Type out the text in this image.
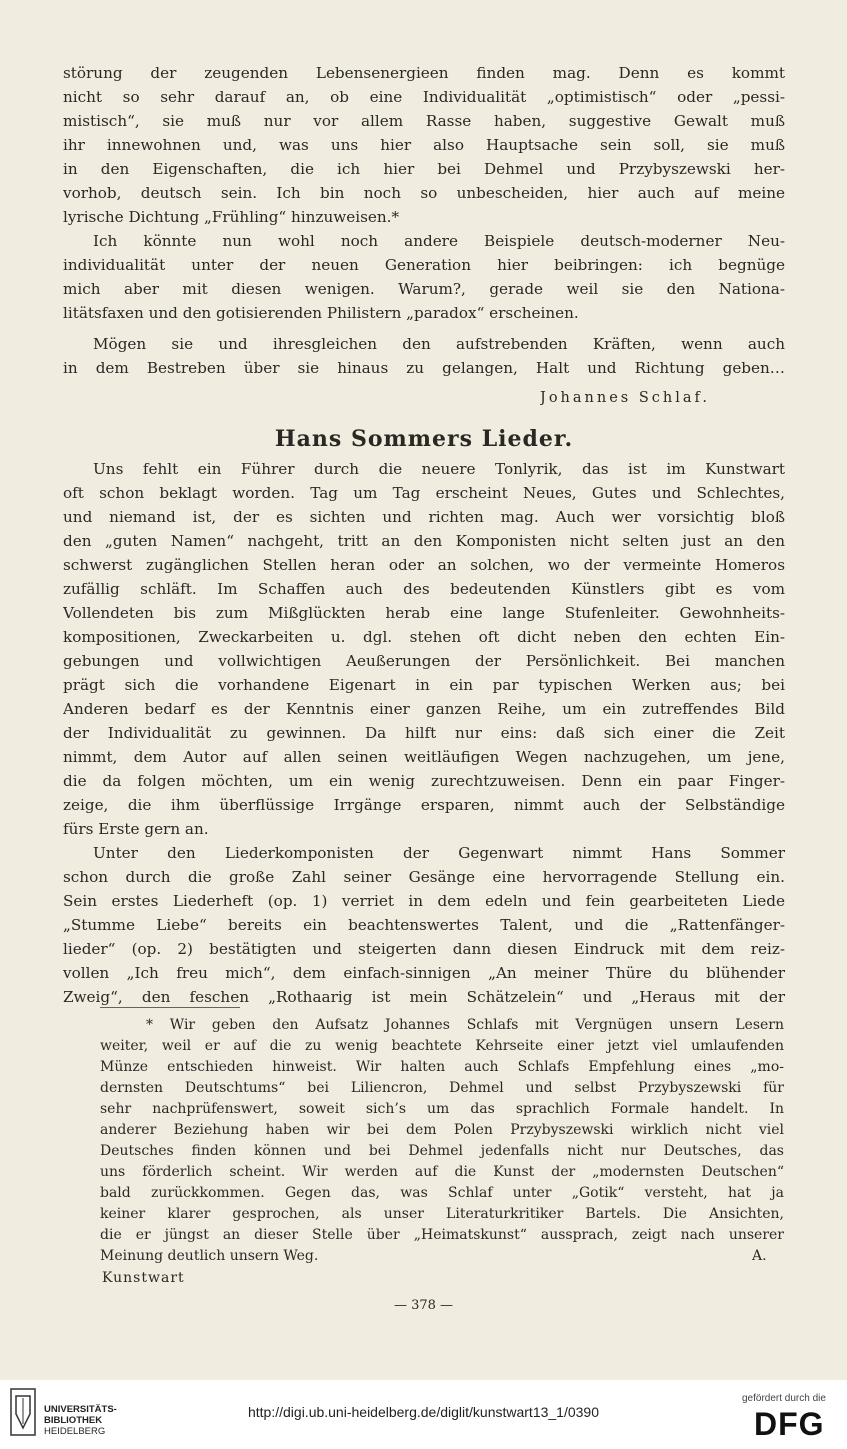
störung der zeugenden Lebensenergieen finden mag. Denn es kommt
nicht so sehr darauf an, ob eine Individualität „optimistisch“ oder „pessi-
mistisch“, sie muß nur vor allem Rasse haben, suggestive Gewalt muß
ihr innewohnen und, was uns hier also Hauptsache sein soll, sie muß
in den Eigenschaften, die ich hier bei Dehmel und Przybyszewski her-
vorhob, deutsch sein. Ich bin noch so unbescheiden, hier auch auf meine
lyrische Dichtung „Frühling“ hinzuweisen.*
Ich könnte nun wohl noch andere Beispiele deutsch-moderner Neu-
individualität unter der neuen Generation hier beibringen: ich begnüge
mich aber mit diesen wenigen. Warum?, gerade weil sie den Nationa-
litätsfaxen und den gotisierenden Philistern „paradox“ erscheinen.
Mögen sie und ihresgleichen den aufstrebenden Kräften, wenn auch
in dem Bestreben über sie hinaus zu gelangen, Halt und Richtung geben…
Johannes Schlaf.
Hans Sommers Lieder.
Uns fehlt ein Führer durch die neuere Tonlyrik, das ist im Kunstwart
oft schon beklagt worden. Tag um Tag erscheint Neues, Gutes und Schlechtes,
und niemand ist, der es sichten und richten mag. Auch wer vorsichtig bloß
den „guten Namen“ nachgeht, tritt an den Komponisten nicht selten just an den
schwerst zugänglichen Stellen heran oder an solchen, wo der vermeinte Homeros
zufällig schläft. Im Schaffen auch des bedeutenden Künstlers gibt es vom
Vollendeten bis zum Mißglückten herab eine lange Stufenleiter. Gewohnheits-
kompositionen, Zweckarbeiten u. dgl. stehen oft dicht neben den echten Ein-
gebungen und vollwichtigen Aeußerungen der Persönlichkeit. Bei manchen
prägt sich die vorhandene Eigenart in ein par typischen Werken aus; bei
Anderen bedarf es der Kenntnis einer ganzen Reihe, um ein zutreffendes Bild
der Individualität zu gewinnen. Da hilft nur eins: daß sich einer die Zeit
nimmt, dem Autor auf allen seinen weitläufigen Wegen nachzugehen, um jene,
die da folgen möchten, um ein wenig zurechtzuweisen. Denn ein paar Finger-
zeige, die ihm überflüssige Irrgänge ersparen, nimmt auch der Selbständige
fürs Erste gern an.
Unter den Liederkomponisten der Gegenwart nimmt Hans Sommer
schon durch die große Zahl seiner Gesänge eine hervorragende Stellung ein.
Sein erstes Liederheft (op. 1) verriet in dem edeln und fein gearbeiteten Liede
„Stumme Liebe“ bereits ein beachtenswertes Talent, und die „Rattenfänger-
lieder“ (op. 2) bestätigten und steigerten dann diesen Eindruck mit dem reiz-
vollen „Ich freu mich“, dem einfach-sinnigen „An meiner Thüre du blühender
Zweig“, den feschen „Rothaarig ist mein Schätzelein“ und „Heraus mit der
* Wir geben den Aufsatz Johannes Schlafs mit Vergnügen unsern Lesern
weiter, weil er auf die zu wenig beachtete Kehrseite einer jetzt viel umlaufenden
Münze entschieden hinweist. Wir halten auch Schlafs Empfehlung eines „mo-
dernsten Deutschtums“ bei Liliencron, Dehmel und selbst Przybyszewski für
sehr nachprüfenswert, soweit sich’s um das sprachlich Formale handelt. In
anderer Beziehung haben wir bei dem Polen Przybyszewski wirklich nicht viel
Deutsches finden können und bei Dehmel jedenfalls nicht nur Deutsches, das
uns förderlich scheint. Wir werden auf die Kunst der „modernsten Deutschen“
bald zurückkommen. Gegen das, was Schlaf unter „Gotik“ versteht, hat ja
keiner klarer gesprochen, als unser Literaturkritiker Bartels. Die Ansichten,
die er jüngst an dieser Stelle über „Heimatskunst“ aussprach, zeigt nach unserer
Meinung deutlich unsern Weg.	A.
Kunstwart
— 378 —
UNIVERSITÄTS-
BIBLIOTHEK
HEIDELBERG
http://digi.ub.uni-heidelberg.de/diglit/kunstwart13_1/0390
gefördert durch die
DFG
